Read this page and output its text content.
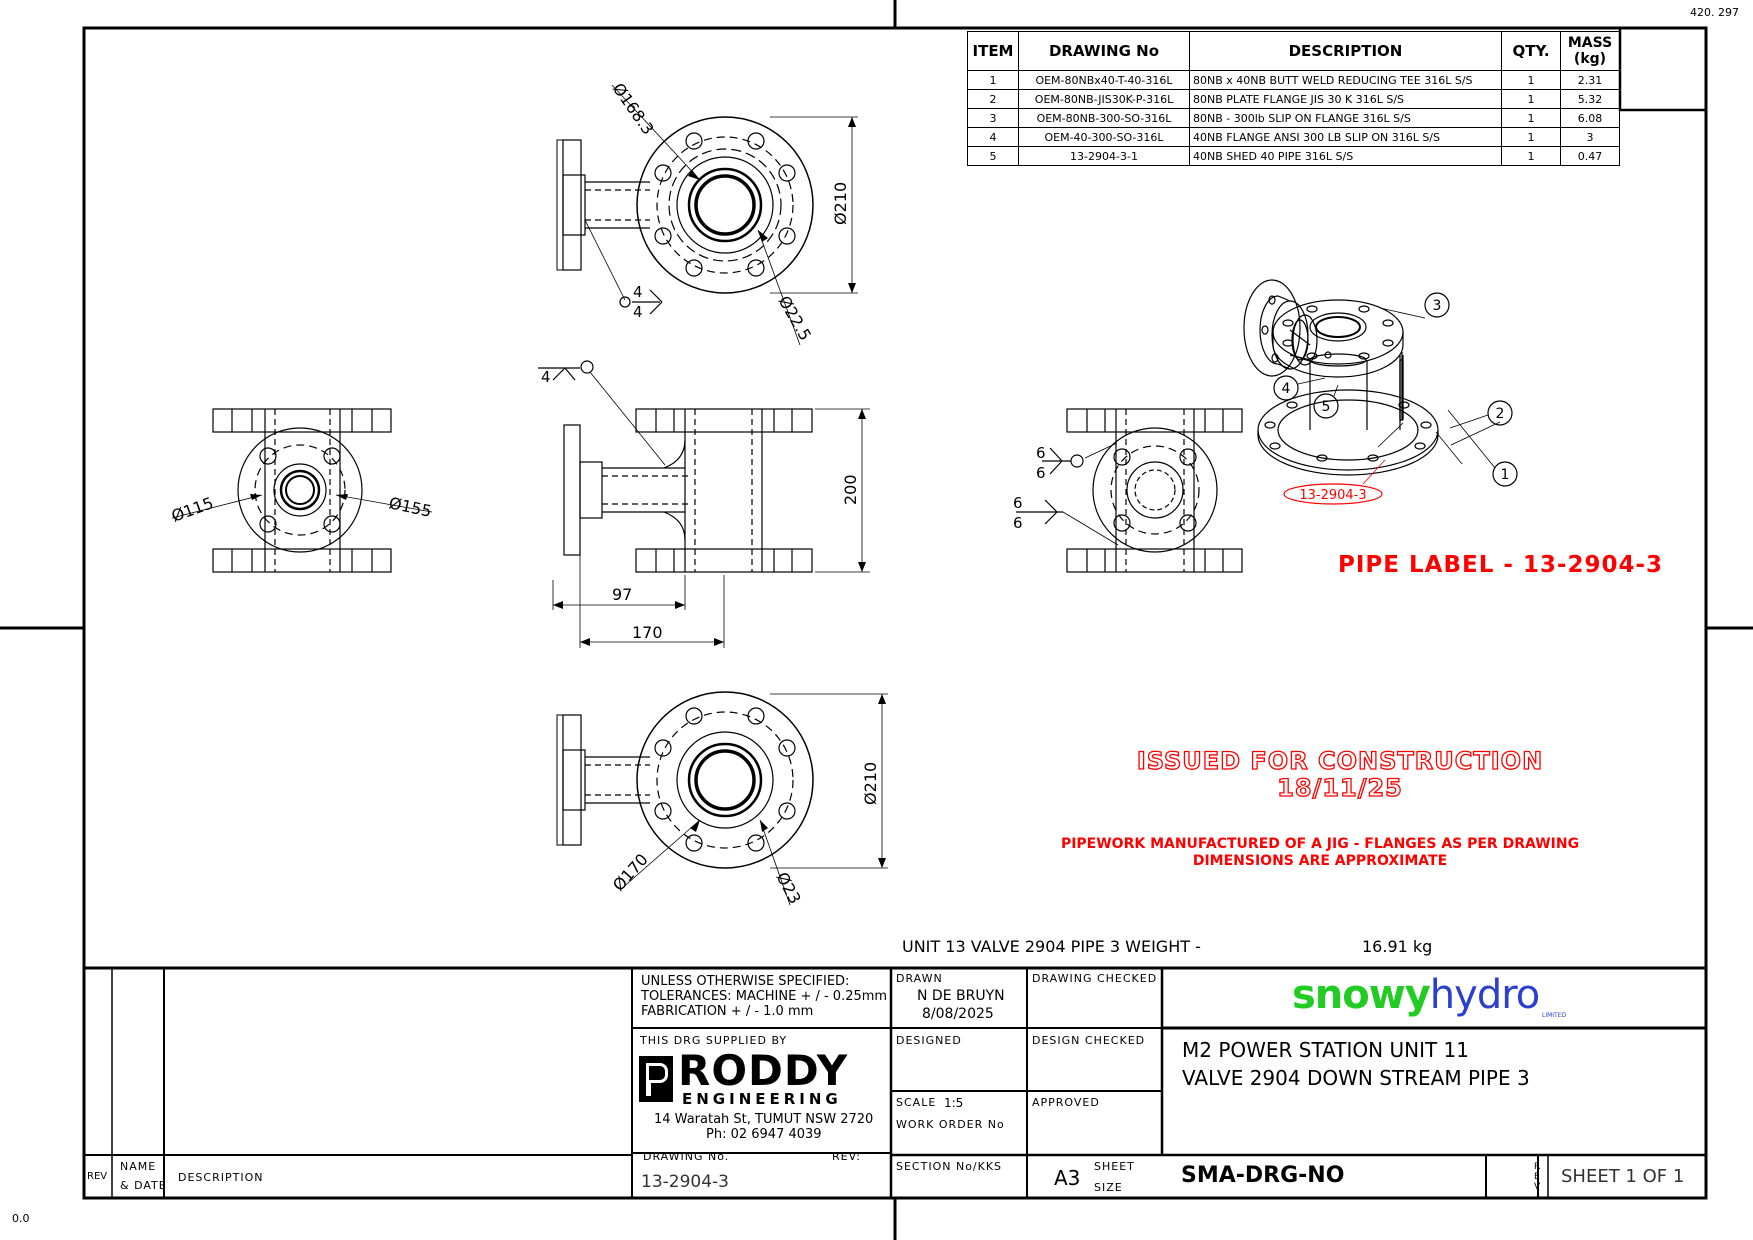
420. 297
0.0
Ø168.3
Ø210
Ø22.5
Ø115	Ø155
200
97
170
Ø210
Ø170	Ø23
4
4
4
6
6
6
6
3
2
1
4
5
13-2904-3
ITEM	DRAWING No	DESCRIPTION	QTY.	MASS (kg)
1	OEM-80NBx40-T-40-316L	80NB x 40NB BUTT WELD REDUCING TEE 316L S/S	1	2.31
2	OEM-80NB-JIS30K-P-316L	80NB PLATE FLANGE JIS 30 K 316L S/S	1	5.32
3	OEM-80NB-300-SO-316L	80NB - 300lb SLIP ON FLANGE 316L S/S	1	6.08
4	OEM-40-300-SO-316L	40NB FLANGE ANSI 300 LB SLIP ON 316L S/S	1	3
5	13-2904-3-1	40NB SHED 40 PIPE 316L S/S	1	0.47
PIPE LABEL - 13-2904-3
ISSUED FOR CONSTRUCTION
18/11/25
PIPEWORK MANUFACTURED OF A JIG - FLANGES AS PER DRAWING
DIMENSIONS ARE APPROXIMATE
UNIT 13 VALVE 2904 PIPE 3 WEIGHT -	16.91 kg
UNLESS OTHERWISE SPECIFIED:
TOLERANCES: MACHINE + / - 0.25mm
FABRICATION + / - 1.0 mm
THIS DRG SUPPLIED BY
RODDY
ENGINEERING
14 Waratah St, TUMUT NSW 2720
Ph: 02 6947 4039
DRAWING No.	REV:
13-2904-3
DRAWN
N DE BRUYN
8/08/2025
DRAWING CHECKED
DESIGNED	DESIGN CHECKED
SCALE 1:5
WORK ORDER No
APPROVED
SECTION No/KKS	A3 SHEET
SIZE
snowyhydro LIMITED
M2 POWER STATION UNIT 11
VALVE 2904 DOWN STREAM PIPE 3
SMA-DRG-NO	REV SHEET 1 OF 1
REV
NAME
& DATE
DESCRIPTION
